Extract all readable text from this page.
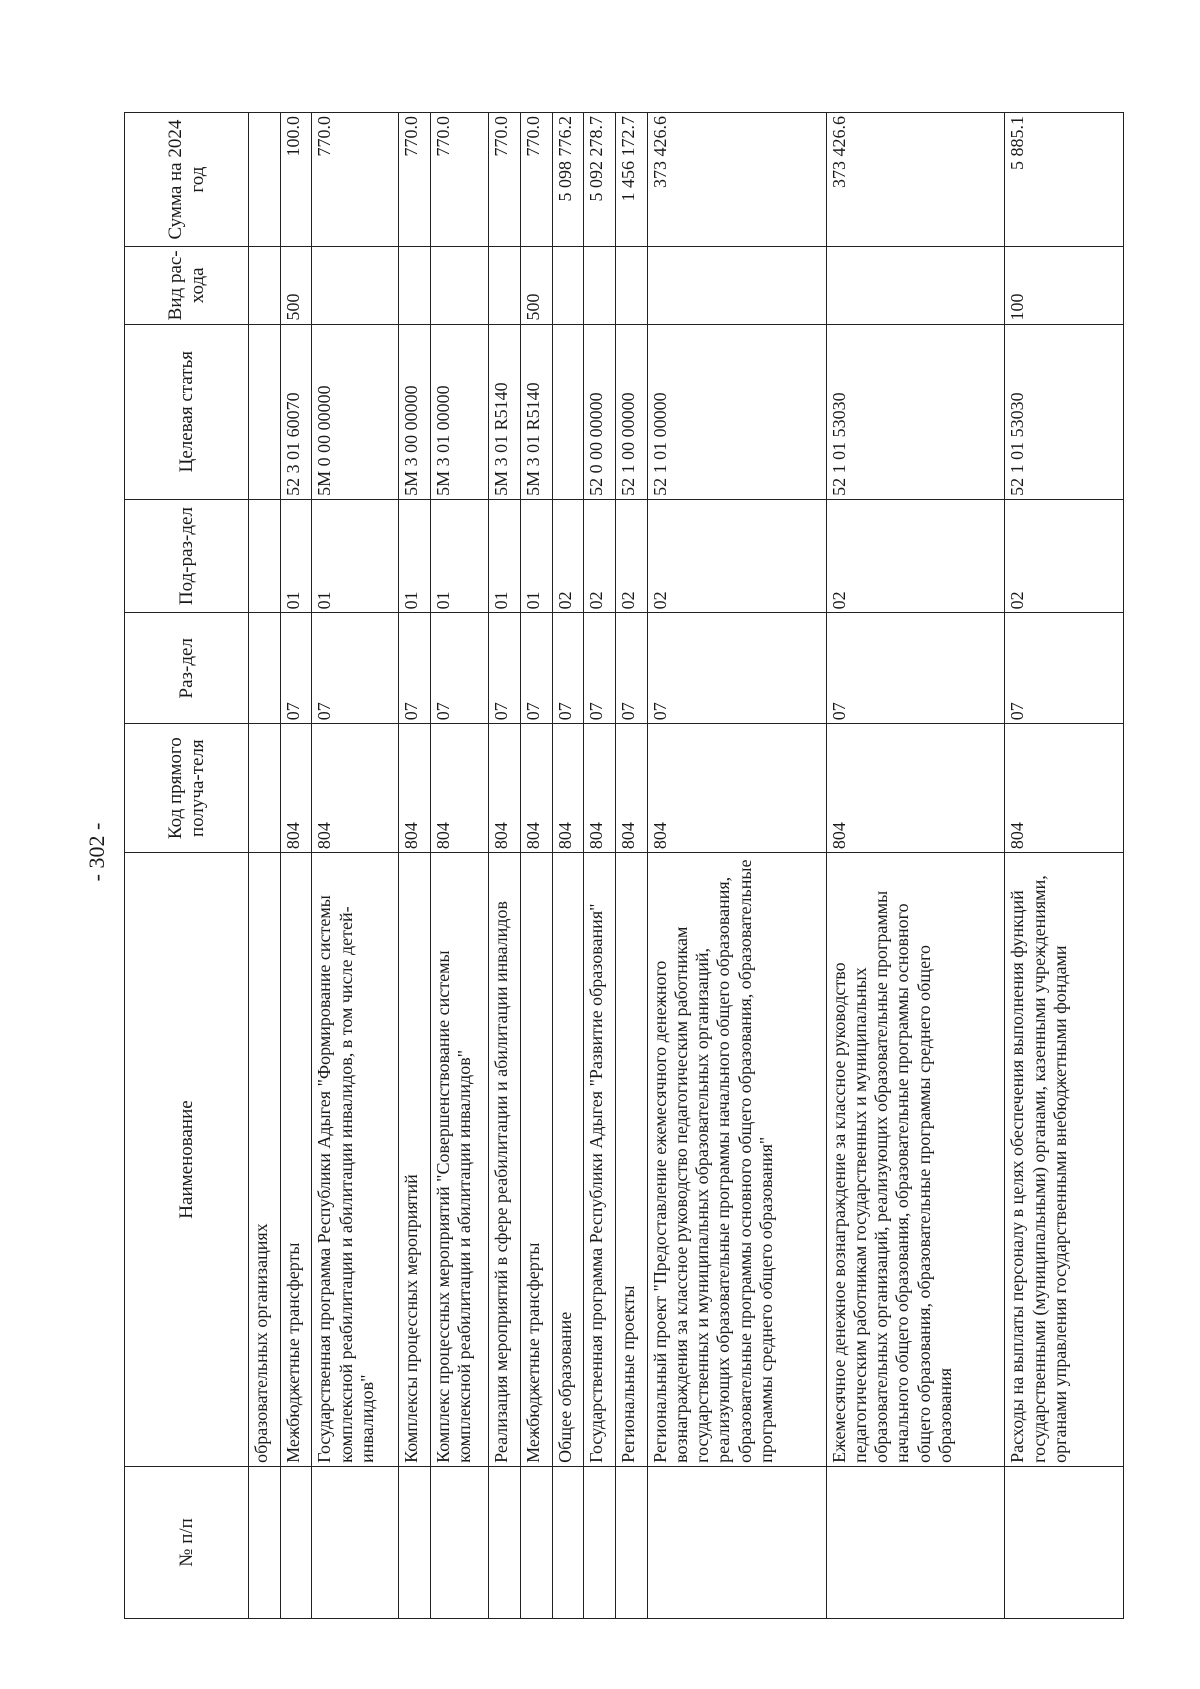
- 302 -
№ п/п	Наименование	Код прямого получа-теля	Раз-дел	Под-раз-дел	Целевая статья	Вид рас-хода	Сумма на 2024 год
	образовательных организациях						
	Межбюджетные трансферты	804	07	01	52 3 01 60070	500	100.0
	Государственная программа Республики Адыгея "Формирование системы комплексной реабилитации и абилитации инвалидов, в том числе детей-инвалидов"	804	07	01	5M 0 00 00000		770.0
	Комплексы процессных мероприятий	804	07	01	5M 3 00 00000		770.0
	Комплекс процессных мероприятий "Совершенствование системы комплексной реабилитации и абилитации инвалидов"	804	07	01	5M 3 01 00000		770.0
	Реализация мероприятий в сфере реабилитации и абилитации инвалидов	804	07	01	5M 3 01 R5140		770.0
	Межбюджетные трансферты	804	07	01	5M 3 01 R5140	500	770.0
	Общее образование	804	07	02			5 098 776.2
	Государственная программа Республики Адыгея "Развитие образования"	804	07	02	52 0 00 00000		5 092 278.7
	Региональные проекты	804	07	02	52 1 00 00000		1 456 172.7
	Региональный проект "Предоставление ежемесячного денежного вознаграждения за классное руководство педагогическим работникам государственных и муниципальных образовательных организаций, реализующих образовательные программы начального общего образования, образовательные программы основного общего образования, образовательные программы среднего общего образования"	804	07	02	52 1 01 00000		373 426.6
	Ежемесячное денежное вознаграждение за классное руководство педагогическим работникам государственных и муниципальных образовательных организаций, реализующих образовательные программы начального общего образования, образовательные программы основного общего образования, образовательные программы среднего общего образования	804	07	02	52 1 01 53030		373 426.6
	Расходы на выплаты персоналу в целях обеспечения выполнения функций государственными (муниципальными) органами, казенными учреждениями, органами управления государственными внебюджетными фондами	804	07	02	52 1 01 53030	100	5 885.1
